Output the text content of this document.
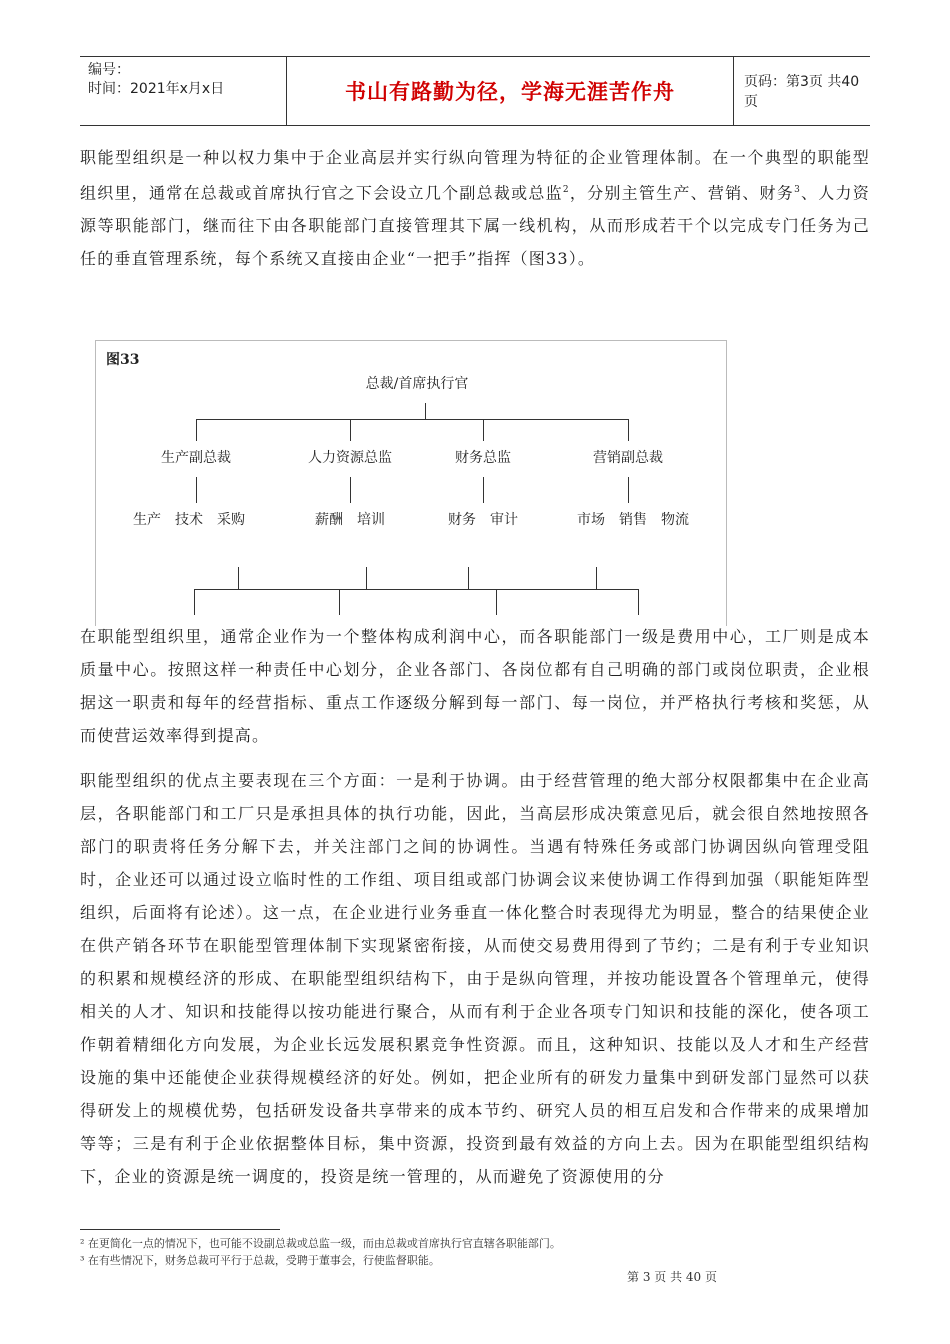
编号：
时间：2021年x月x日	书山有路勤为径，学海无涯苦作舟	页码：第3页 共40页
职能型组织是一种以权力集中于企业高层并实行纵向管理为特征的企业管理体制。在一个典型的职能型组织里，通常在总裁或首席执行官之下会设立几个副总裁或总监$^2$，分别主管生产、营销、财务$^3$、人力资源等职能部门，继而往下由各职能部门直接管理其下属一线机构，从而形成若干个以完成专门任务为己任的垂直管理系统，每个系统又直接由企业“一把手”指挥（图33）。
图33
总裁/首席执行官
生产副总裁	人力资源总监	财务总监	营销副总裁
生产　技术　采购	薪酬　培训	财务　审计	市场　销售　物流
在职能型组织里，通常企业作为一个整体构成利润中心，而各职能部门一级是费用中心，工厂则是成本质量中心。按照这样一种责任中心划分，企业各部门、各岗位都有自己明确的部门或岗位职责，企业根据这一职责和每年的经营指标、重点工作逐级分解到每一部门、每一岗位，并严格执行考核和奖惩，从而使营运效率得到提高。
职能型组织的优点主要表现在三个方面：一是利于协调。由于经营管理的绝大部分权限都集中在企业高层，各职能部门和工厂只是承担具体的执行功能，因此，当高层形成决策意见后，就会很自然地按照各部门的职责将任务分解下去，并关注部门之间的协调性。当遇有特殊任务或部门协调因纵向管理受阻时，企业还可以通过设立临时性的工作组、项目组或部门协调会议来使协调工作得到加强（职能矩阵型组织，后面将有论述）。这一点，在企业进行业务垂直一体化整合时表现得尤为明显，整合的结果使企业在供产销各环节在职能型管理体制下实现紧密衔接，从而使交易费用得到了节约；二是有利于专业知识的积累和规模经济的形成、在职能型组织结构下，由于是纵向管理，并按功能设置各个管理单元，使得相关的人才、知识和技能得以按功能进行聚合，从而有利于企业各项专门知识和技能的深化，使各项工作朝着精细化方向发展，为企业长远发展积累竞争性资源。而且，这种知识、技能以及人才和生产经营设施的集中还能使企业获得规模经济的好处。例如，把企业所有的研发力量集中到研发部门显然可以获得研发上的规模优势，包括研发设备共享带来的成本节约、研究人员的相互启发和合作带来的成果增加等等；三是有利于企业依据整体目标，集中资源，投资到最有效益的方向上去。因为在职能型组织结构下，企业的资源是统一调度的，投资是统一管理的，从而避免了资源使用的分
² 在更简化一点的情况下，也可能不设副总裁或总监一级，而由总裁或首席执行官直辖各职能部门。
³ 在有些情况下，财务总裁可平行于总裁，受聘于董事会，行使监督职能。
第 3 页 共 40 页
